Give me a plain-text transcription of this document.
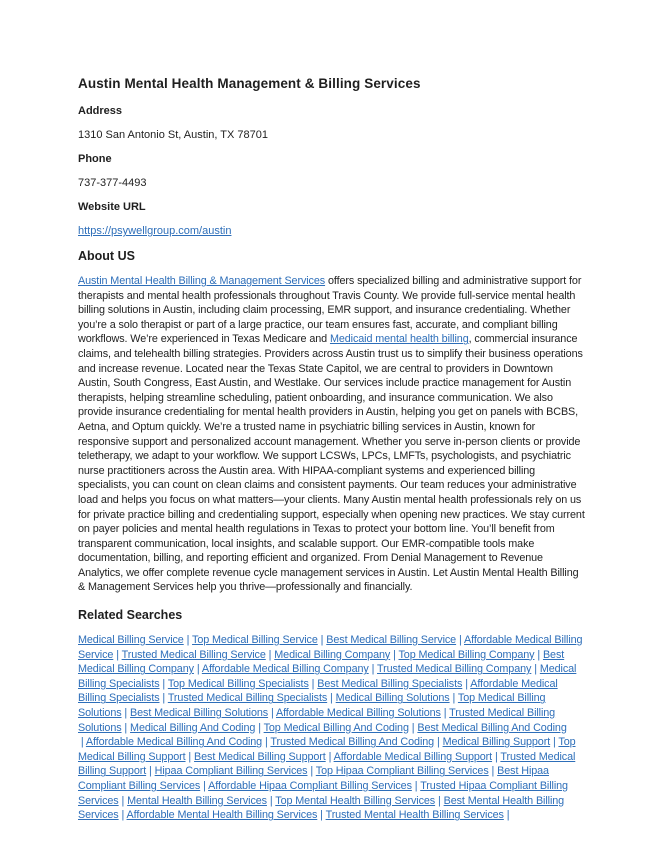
Austin Mental Health Management & Billing Services
Address
1310 San Antonio St, Austin, TX 78701
Phone
737-377-4493
Website URL
https://psywellgroup.com/austin
About US

Austin Mental Health Billing & Management Services offers specialized billing and administrative support for therapists and mental health professionals throughout Travis County. We provide full-service mental health billing solutions in Austin, including claim processing, EMR support, and insurance credentialing. Whether you’re a solo therapist or part of a large practice, our team ensures fast, accurate, and compliant billing workflows. We’re experienced in Texas Medicare and Medicaid mental health billing, commercial insurance claims, and telehealth billing strategies. Providers across Austin trust us to simplify their business operations and increase revenue. Located near the Texas State Capitol, we are central to providers in Downtown Austin, South Congress, East Austin, and Westlake. Our services include practice management for Austin therapists, helping streamline scheduling, patient onboarding, and insurance communication. We also provide insurance credentialing for mental health providers in Austin, helping you get on panels with BCBS, Aetna, and Optum quickly. We’re a trusted name in psychiatric billing services in Austin, known for responsive support and personalized account management. Whether you serve in-person clients or provide teletherapy, we adapt to your workflow. We support LCSWs, LPCs, LMFTs, psychologists, and psychiatric nurse practitioners across the Austin area. With HIPAA-compliant systems and experienced billing specialists, you can count on clean claims and consistent payments. Our team reduces your administrative load and helps you focus on what matters—your clients. Many Austin mental health professionals rely on us for private practice billing and credentialing support, especially when opening new practices. We stay current on payer policies and mental health regulations in Texas to protect your bottom line. You’ll benefit from transparent communication, local insights, and scalable support. Our EMR-compatible tools make documentation, billing, and reporting efficient and organized. From Denial Management to Revenue Analytics, we offer complete revenue cycle management services in Austin. Let Austin Mental Health Billing & Management Services help you thrive—professionally and financially.

Related Searches

Medical Billing Service | Top Medical Billing Service | Best Medical Billing Service | Affordable Medical Billing Service | Trusted Medical Billing Service | Medical Billing Company | Top Medical Billing Company | Best Medical Billing Company | Affordable Medical Billing Company | Trusted Medical Billing Company | Medical Billing Specialists | Top Medical Billing Specialists | Best Medical Billing Specialists | Affordable Medical Billing Specialists | Trusted Medical Billing Specialists | Medical Billing Solutions | Top Medical Billing Solutions | Best Medical Billing Solutions | Affordable Medical Billing Solutions | Trusted Medical Billing Solutions | Medical Billing And Coding | Top Medical Billing And Coding | Best Medical Billing And Coding | Affordable Medical Billing And Coding | Trusted Medical Billing And Coding | Medical Billing Support | Top Medical Billing Support | Best Medical Billing Support | Affordable Medical Billing Support | Trusted Medical Billing Support | Hipaa Compliant Billing Services | Top Hipaa Compliant Billing Services | Best Hipaa Compliant Billing Services | Affordable Hipaa Compliant Billing Services | Trusted Hipaa Compliant Billing Services | Mental Health Billing Services | Top Mental Health Billing Services | Best Mental Health Billing Services | Affordable Mental Health Billing Services | Trusted Mental Health Billing Services |
